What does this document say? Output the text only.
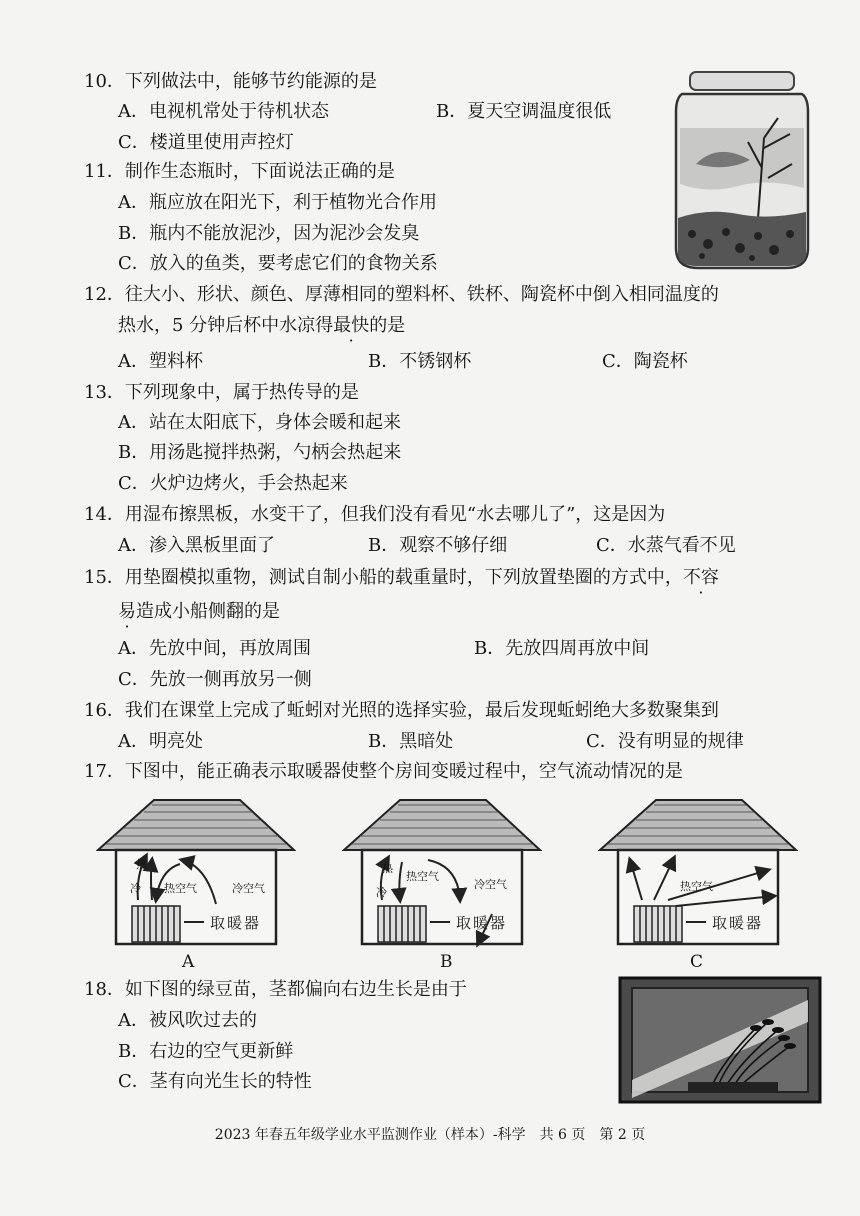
10．下列做法中，能够节约能源的是
A．电视机常处于待机状态	B．夏天空调温度很低
C．楼道里使用声控灯
11．制作生态瓶时，下面说法正确的是
A．瓶应放在阳光下，利于植物光合作用
B．瓶内不能放泥沙，因为泥沙会发臭
C．放入的鱼类，要考虑它们的食物关系
12．往大小、形状、颜色、厚薄相同的塑料杯、铁杯、陶瓷杯中倒入相同温度的
热水，5 分钟后杯中水凉得最快的是
A．塑料杯	B．不锈钢杯	C．陶瓷杯
13．下列现象中，属于热传导的是
A．站在太阳底下，身体会暖和起来
B．用汤匙搅拌热粥，勺柄会热起来
C．火炉边烤火，手会热起来
14．用湿布擦黑板，水变干了，但我们没有看见“水去哪儿了”，这是因为
A．渗入黑板里面了	B．观察不够仔细	C．水蒸气看不见
15．用垫圈模拟重物，测试自制小船的载重量时，下列放置垫圈的方式中，不容
易造成小船侧翻的是
A．先放中间，再放周围	B．先放四周再放中间
C．先放一侧再放另一侧
16．我们在课堂上完成了蚯蚓对光照的选择实验，最后发现蚯蚓绝大多数聚集到
A．明亮处	B．黑暗处	C．没有明显的规律
17．下图中，能正确表示取暖器使整个房间变暖过程中，空气流动情况的是
热
冷 热空气	冷空气
取暖器
A
热
冷
热空气
冷空气
取暖器
B
热空气
取暖器
C
18．如下图的绿豆苗，茎都偏向右边生长是由于
A．被风吹过去的
B．右边的空气更新鲜
C．茎有向光生长的特性
2023 年春五年级学业水平监测作业（样本）-科学　共 6 页　第 2 页
